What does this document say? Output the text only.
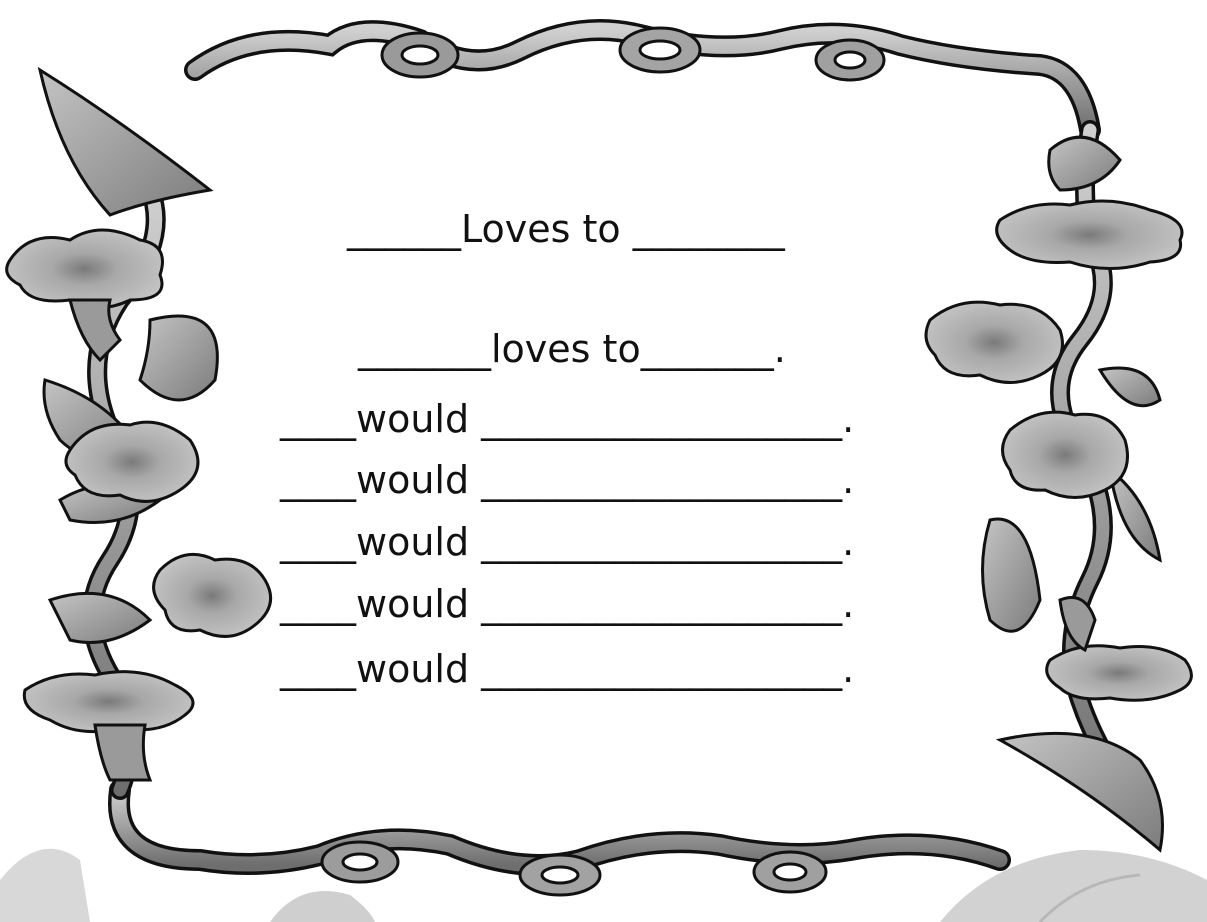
______Loves to ________

_______loves to_______.

____would ___________________.

____would ___________________.

____would ___________________.

____would ___________________.

____would ___________________.
